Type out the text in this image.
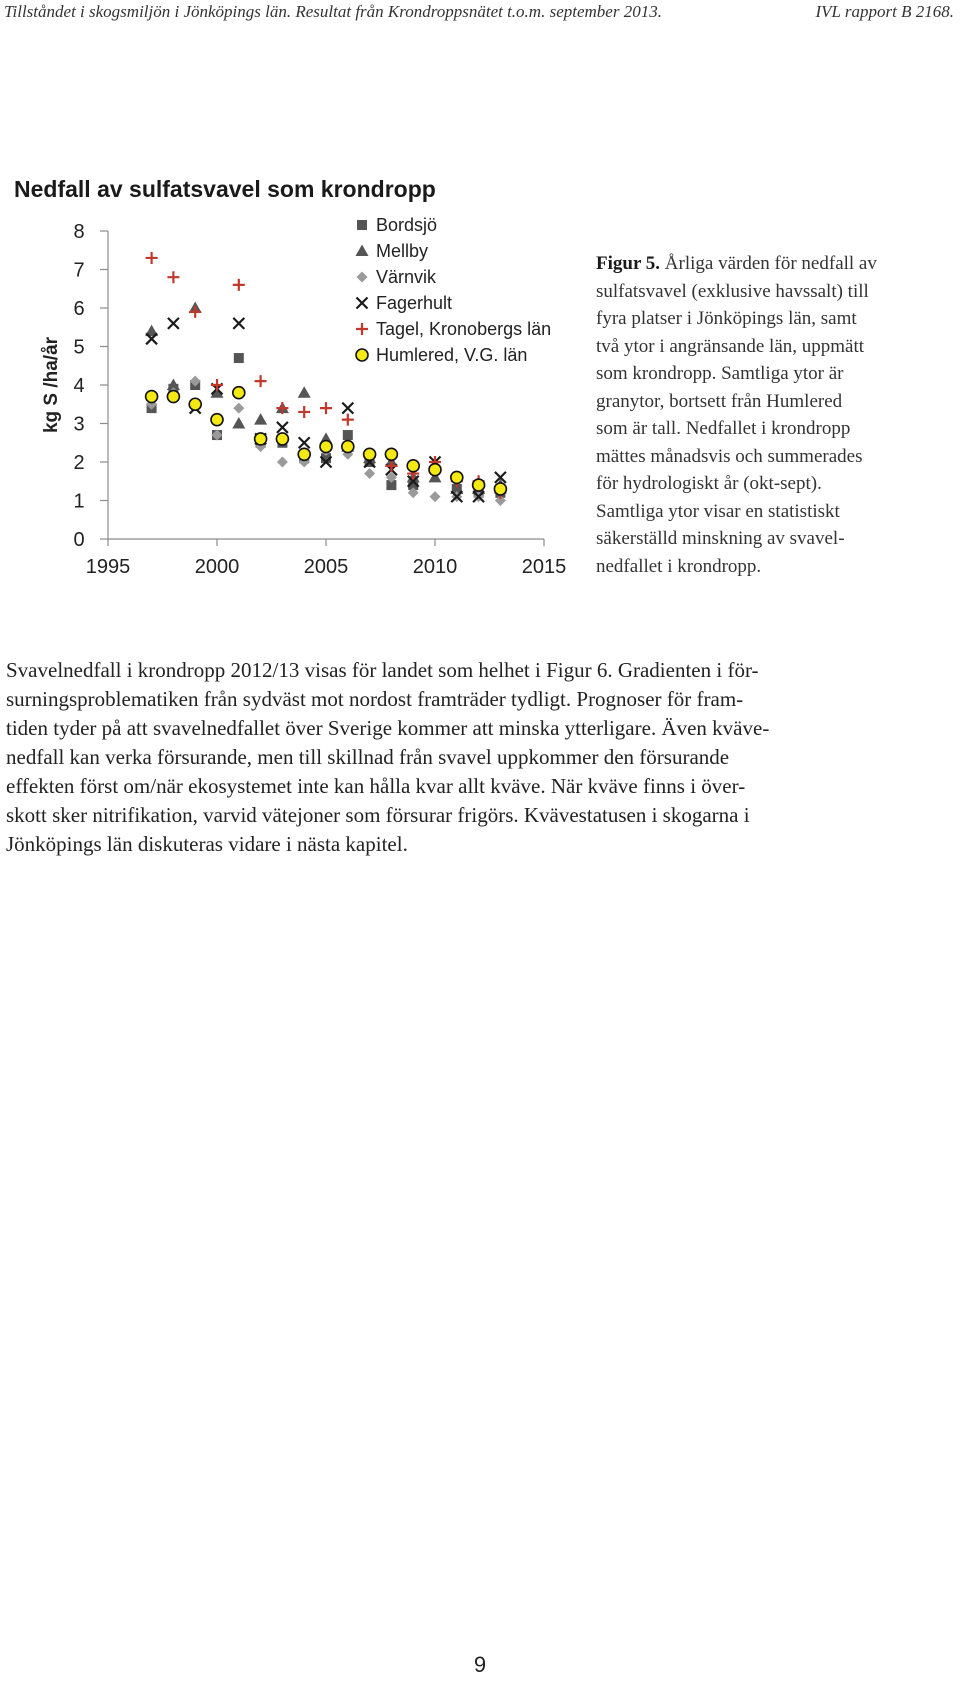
Tillståndet i skogsmiljön i Jönköpings län. Resultat från Krondroppsnätet t.o.m. september 2013.	IVL rapport B 2168.
Nedfall av sulfatsvavel som krondropp
0
1
2
3
4
5
6
7
8
1995	2000	2005	2010	2015
kg S /ha/år
Bordsjö
Mellby
Värnvik
Fagerhult
Tagel, Kronobergs län
Humlered, V.G. län
Figur 5. Årliga värden för nedfall av
sulfatsvavel (exklusive havssalt) till
fyra platser i Jönköpings län, samt
två ytor i angränsande län, uppmätt
som krondropp. Samtliga ytor är
granytor, bortsett från Humlered
som är tall. Nedfallet i krondropp
mättes månadsvis och summerades
för hydrologiskt år (okt-sept).
Samtliga ytor visar en statistiskt
säkerställd minskning av svavel-
nedfallet i krondropp.
Svavelnedfall i krondropp 2012/13 visas för landet som helhet i Figur 6. Gradienten i för-
surningsproblematiken från sydväst mot nordost framträder tydligt. Prognoser för fram-
tiden tyder på att svavelnedfallet över Sverige kommer att minska ytterligare. Även kväve-
nedfall kan verka försurande, men till skillnad från svavel uppkommer den försurande
effekten först om/när ekosystemet inte kan hålla kvar allt kväve. När kväve finns i över-
skott sker nitrifikation, varvid vätejoner som försurar frigörs. Kvävestatusen i skogarna i
Jönköpings län diskuteras vidare i nästa kapitel.
9
